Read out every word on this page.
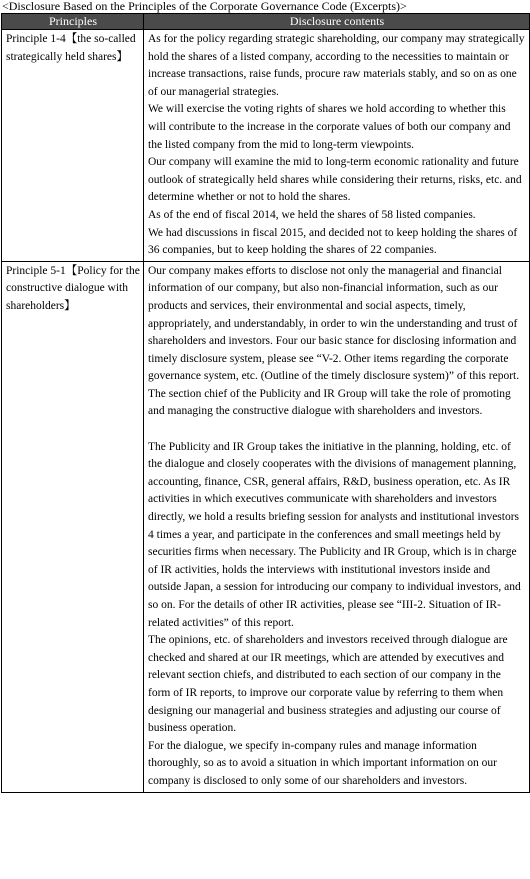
<Disclosure Based on the Principles of the Corporate Governance Code (Excerpts)>
Principles	Disclosure contents
Principle 1-4【the so-called strategically held shares】	As for the policy regarding strategic shareholding, our company may strategically hold the shares of a listed company, according to the necessities to maintain or increase transactions, raise funds, procure raw materials stably, and so on as one of our managerial strategies.

We will exercise the voting rights of shares we hold according to whether this will contribute to the increase in the corporate values of both our company and the listed company from the mid to long-term viewpoints.

Our company will examine the mid to long-term economic rationality and future outlook of strategically held shares while considering their returns, risks, etc. and determine whether or not to hold the shares.

As of the end of fiscal 2014, we held the shares of 58 listed companies.

We had discussions in fiscal 2015, and decided not to keep holding the shares of 36 companies, but to keep holding the shares of 22 companies.

Principle 5-1【Policy for the constructive dialogue with shareholders】	Our company makes efforts to disclose not only the managerial and financial information of our company, but also non-financial information, such as our products and services, their environmental and social aspects, timely, appropriately, and understandably, in order to win the understanding and trust of shareholders and investors. Four our basic stance for disclosing information and timely disclosure system, please see “V-2. Other items regarding the corporate governance system, etc. (Outline of the timely disclosure system)” of this report.

The section chief of the Publicity and IR Group will take the role of promoting and managing the constructive dialogue with shareholders and investors.

The Publicity and IR Group takes the initiative in the planning, holding, etc. of the dialogue and closely cooperates with the divisions of management planning, accounting, finance, CSR, general affairs, R&D, business operation, etc. As IR activities in which executives communicate with shareholders and investors directly, we hold a results briefing session for analysts and institutional investors 4 times a year, and participate in the conferences and small meetings held by securities firms when necessary. The Publicity and IR Group, which is in charge of IR activities, holds the interviews with institutional investors inside and outside Japan, a session for introducing our company to individual investors, and so on. For the details of other IR activities, please see “III-2. Situation of IR-related activities” of this report.

The opinions, etc. of shareholders and investors received through dialogue are checked and shared at our IR meetings, which are attended by executives and relevant section chiefs, and distributed to each section of our company in the form of IR reports, to improve our corporate value by referring to them when designing our managerial and business strategies and adjusting our course of business operation.

For the dialogue, we specify in-company rules and manage information thoroughly, so as to avoid a situation in which important information on our company is disclosed to only some of our shareholders and investors.
